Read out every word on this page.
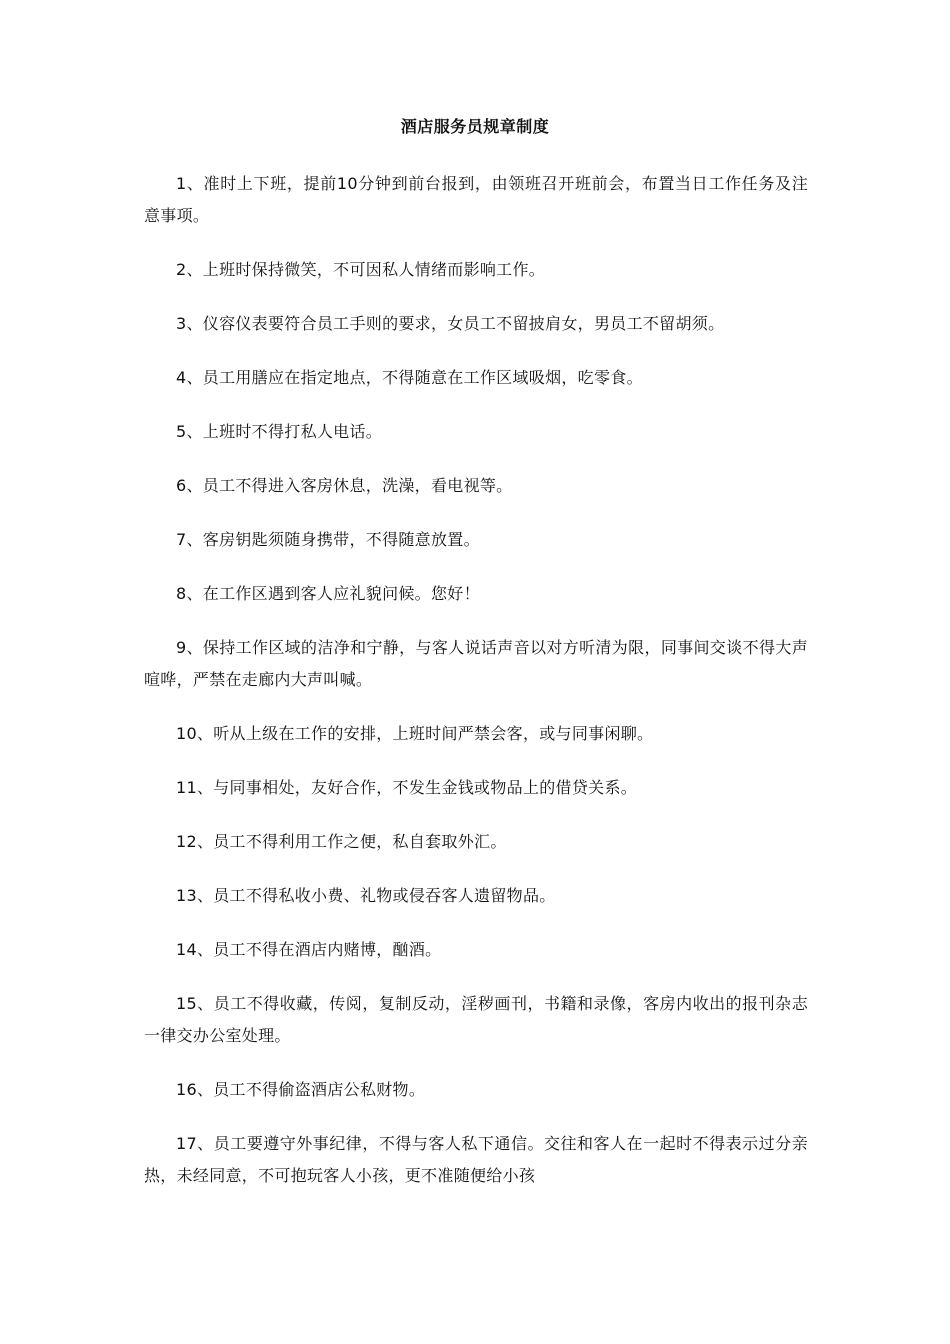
酒店服务员规章制度

1、准时上下班，提前10分钟到前台报到，由领班召开班前会，布置当日工作任务及注意事项。

2、上班时保持微笑，不可因私人情绪而影响工作。

3、仪容仪表要符合员工手则的要求，女员工不留披肩女，男员工不留胡须。

4、员工用膳应在指定地点，不得随意在工作区域吸烟，吃零食。

5、上班时不得打私人电话。

6、员工不得进入客房休息，洗澡，看电视等。

7、客房钥匙须随身携带，不得随意放置。

8、在工作区遇到客人应礼貌问候。您好！

9、保持工作区域的洁净和宁静，与客人说话声音以对方听清为限，同事间交谈不得大声喧哗，严禁在走廊内大声叫喊。

10、听从上级在工作的安排，上班时间严禁会客，或与同事闲聊。

11、与同事相处，友好合作，不发生金钱或物品上的借贷关系。

12、员工不得利用工作之便，私自套取外汇。

13、员工不得私收小费、礼物或侵吞客人遗留物品。

14、员工不得在酒店内赌博，酗酒。

15、员工不得收藏，传阅，复制反动，淫秽画刊，书籍和录像，客房内收出的报刊杂志一律交办公室处理。

16、员工不得偷盗酒店公私财物。

17、员工要遵守外事纪律，不得与客人私下通信。交往和客人在一起时不得表示过分亲热，未经同意，不可抱玩客人小孩，更不准随便给小孩
